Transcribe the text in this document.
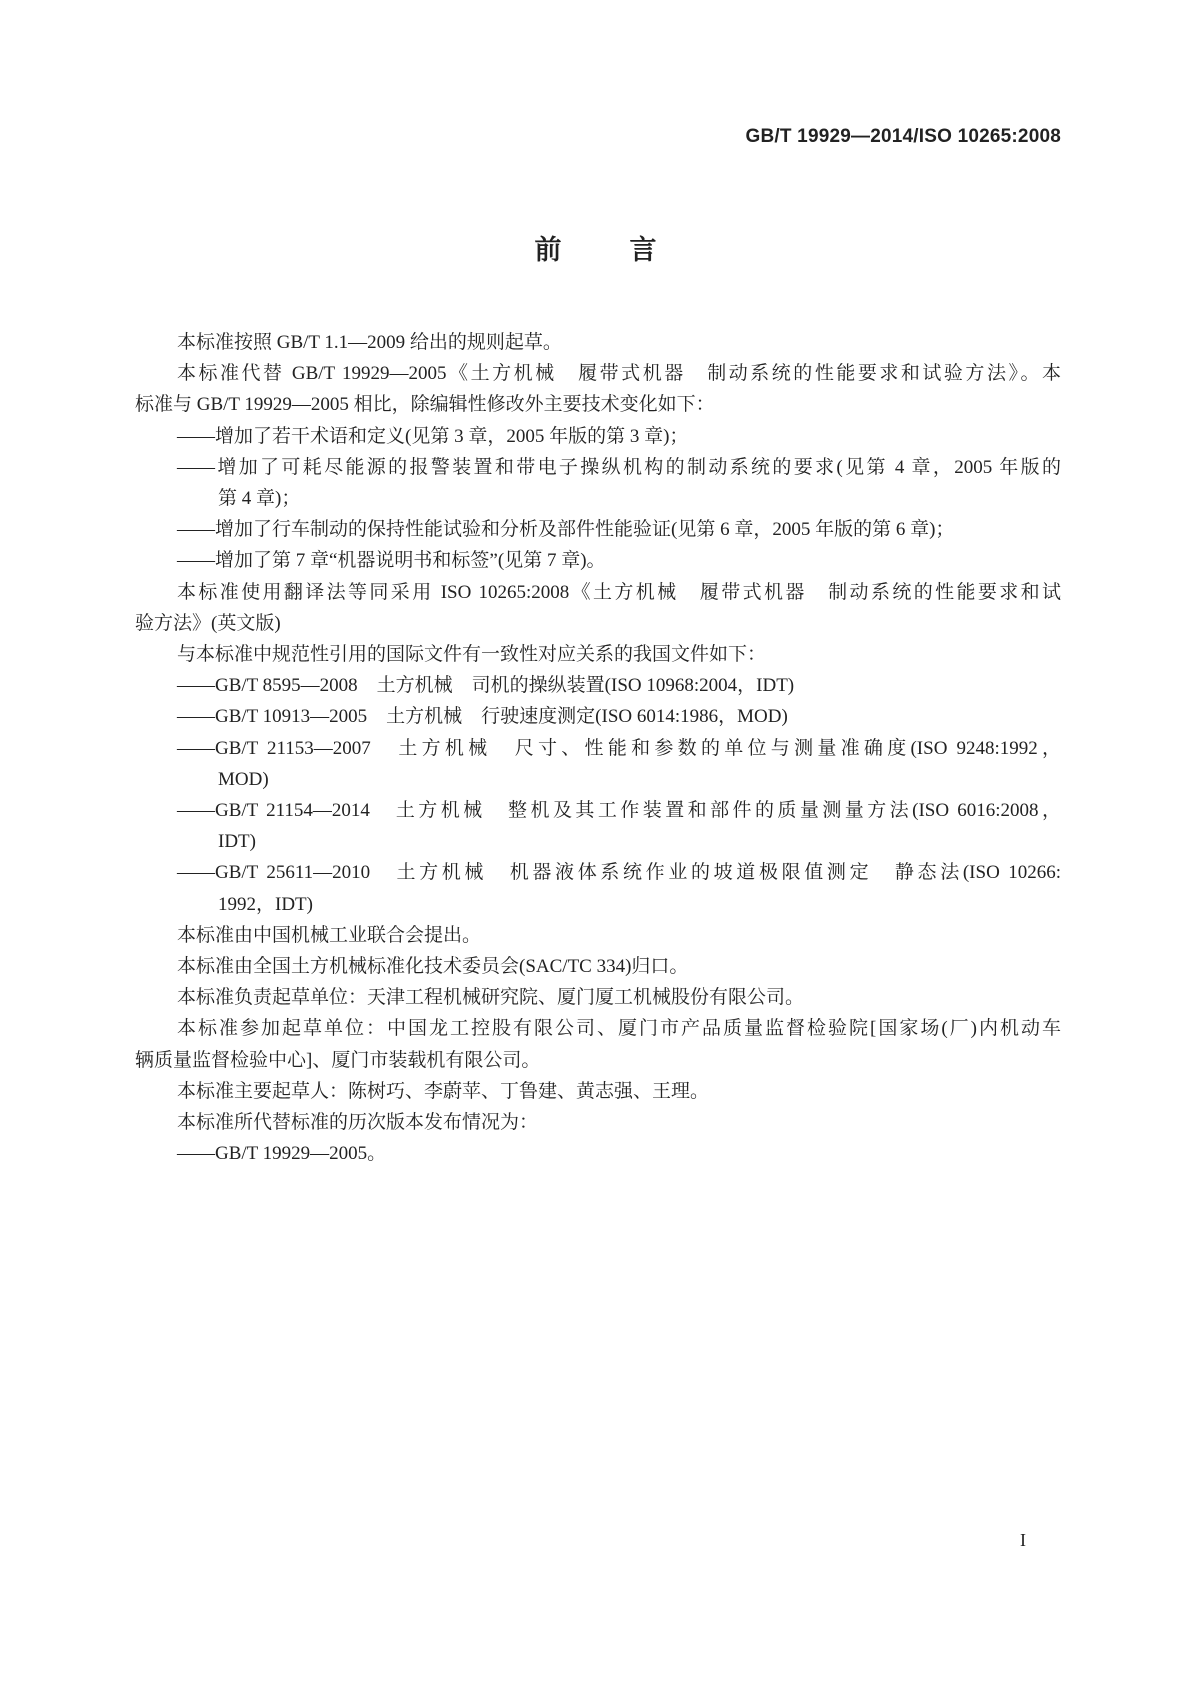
GB/T 19929—2014/ISO 10265:2008
前	言
本标准按照 GB/T 1.1—2009 给出的规则起草。
本标准代替 GB/T 19929—2005《土方机械　履带式机器　制动系统的性能要求和试验方法》。本
标准与 GB/T 19929—2005 相比，除编辑性修改外主要技术变化如下：
——增加了若干术语和定义(见第 3 章，2005 年版的第 3 章)；
——增加了可耗尽能源的报警装置和带电子操纵机构的制动系统的要求(见第 4 章，2005 年版的
第 4 章)；
——增加了行车制动的保持性能试验和分析及部件性能验证(见第 6 章，2005 年版的第 6 章)；
——增加了第 7 章“机器说明书和标签”(见第 7 章)。
本标准使用翻译法等同采用 ISO 10265:2008《土方机械　履带式机器　制动系统的性能要求和试
验方法》(英文版)
与本标准中规范性引用的国际文件有一致性对应关系的我国文件如下：
——GB/T 8595—2008　土方机械　司机的操纵装置(ISO 10968:2004，IDT)
——GB/T 10913—2005　土方机械　行驶速度测定(ISO 6014:1986，MOD)
——GB/T 21153—2007　土方机械　尺寸、性能和参数的单位与测量准确度(ISO 9248:1992，
MOD)
——GB/T 21154—2014　土方机械　整机及其工作装置和部件的质量测量方法(ISO 6016:2008，
IDT)
——GB/T 25611—2010　土方机械　机器液体系统作业的坡道极限值测定　静态法(ISO 10266:
1992，IDT)
本标准由中国机械工业联合会提出。
本标准由全国土方机械标准化技术委员会(SAC/TC 334)归口。
本标准负责起草单位：天津工程机械研究院、厦门厦工机械股份有限公司。
本标准参加起草单位：中国龙工控股有限公司、厦门市产品质量监督检验院[国家场(厂)内机动车
辆质量监督检验中心]、厦门市装载机有限公司。
本标准主要起草人：陈树巧、李蔚苹、丁鲁建、黄志强、王理。
本标准所代替标准的历次版本发布情况为：
——GB/T 19929—2005。
I
